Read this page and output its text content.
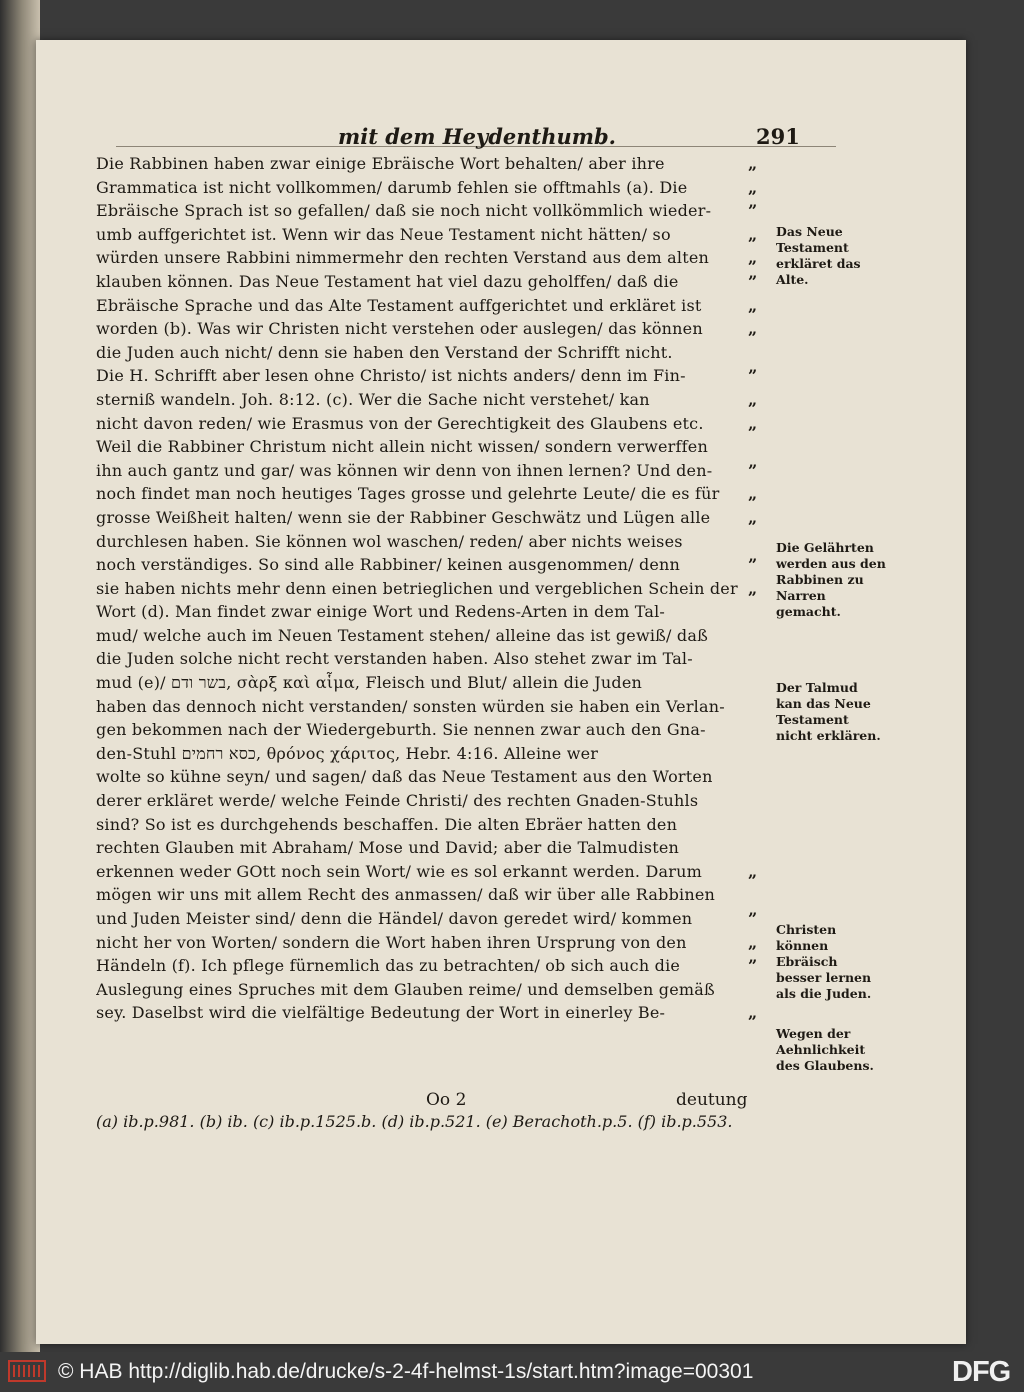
mit dem Heydenthumb.	291
Die Rabbinen haben zwar einige Ebräische Wort behalten/ aber ihre
Grammatica ist nicht vollkommen/ darumb fehlen sie offtmahls (a). Die
Ebräische Sprach ist so gefallen/ daß sie noch nicht vollkömmlich wieder-
umb auffgerichtet ist. Wenn wir das Neue Testament nicht hätten/ so
würden unsere Rabbini nimmermehr den rechten Verstand aus dem alten
klauben können. Das Neue Testament hat viel dazu geholffen/ daß die
Ebräische Sprache und das Alte Testament auffgerichtet und erkläret ist
worden (b). Was wir Christen nicht verstehen oder auslegen/ das können
die Juden auch nicht/ denn sie haben den Verstand der Schrifft nicht.
Die H. Schrifft aber lesen ohne Christo/ ist nichts anders/ denn im Fin-
sterniß wandeln. Joh. 8:12. (c). Wer die Sache nicht verstehet/ kan
nicht davon reden/ wie Erasmus von der Gerechtigkeit des Glaubens etc.
Weil die Rabbiner Christum nicht allein nicht wissen/ sondern verwerffen
ihn auch gantz und gar/ was können wir denn von ihnen lernen? Und den-
noch findet man noch heutiges Tages grosse und gelehrte Leute/ die es für
grosse Weißheit halten/ wenn sie der Rabbiner Geschwätz und Lügen alle
durchlesen haben. Sie können wol waschen/ reden/ aber nichts weises
noch verständiges. So sind alle Rabbiner/ keinen ausgenommen/ denn
sie haben nichts mehr denn einen betrieglichen und vergeblichen Schein der
Wort (d). Man findet zwar einige Wort und Redens-Arten in dem Tal-
mud/ welche auch im Neuen Testament stehen/ alleine das ist gewiß/ daß
die Juden solche nicht recht verstanden haben. Also stehet zwar im Tal-
mud (e)/ בשר ודם, σὰρξ καὶ αἷμα, Fleisch und Blut/ allein die Juden
haben das dennoch nicht verstanden/ sonsten würden sie haben ein Verlan-
gen bekommen nach der Wiedergeburth. Sie nennen zwar auch den Gna-
den-Stuhl כסא רחמים, θρόνος χάριτος, Hebr. 4:16. Alleine wer
wolte so kühne seyn/ und sagen/ daß das Neue Testament aus den Worten
derer erkläret werde/ welche Feinde Christi/ des rechten Gnaden-Stuhls
sind? So ist es durchgehends beschaffen. Die alten Ebräer hatten den
rechten Glauben mit Abraham/ Mose und David; aber die Talmudisten
erkennen weder GOtt noch sein Wort/ wie es sol erkannt werden. Darum
mögen wir uns mit allem Recht des anmassen/ daß wir über alle Rabbinen
und Juden Meister sind/ denn die Händel/ davon geredet wird/ kommen
nicht her von Worten/ sondern die Wort haben ihren Ursprung von den
Händeln (f). Ich pflege fürnemlich das zu betrachten/ ob sich auch die
Auslegung eines Spruches mit dem Glauben reime/ und demselben gemäß
sey. Daselbst wird die vielfältige Bedeutung der Wort in einerley Be-
„
„
”
„
„
”
„
„
”
„
„
”
„
„
”
„
„
”
„
”
„
Das Neue Testament erkläret das Alte.
Die Gelährten werden aus den Rabbinen zu Narren gemacht.
Der Talmud kan das Neue Testament nicht erklären.
Christen können Ebräisch besser lernen als die Juden.
Wegen der Aehnlichkeit des Glaubens.
Oo 2	deutung
(a) ib.p.981. (b) ib. (c) ib.p.1525.b. (d) ib.p.521. (e) Berachoth.p.5. (f) ib.p.553.
© HAB http://diglib.hab.de/drucke/s-2-4f-helmst-1s/start.htm?image=00301	DFG
